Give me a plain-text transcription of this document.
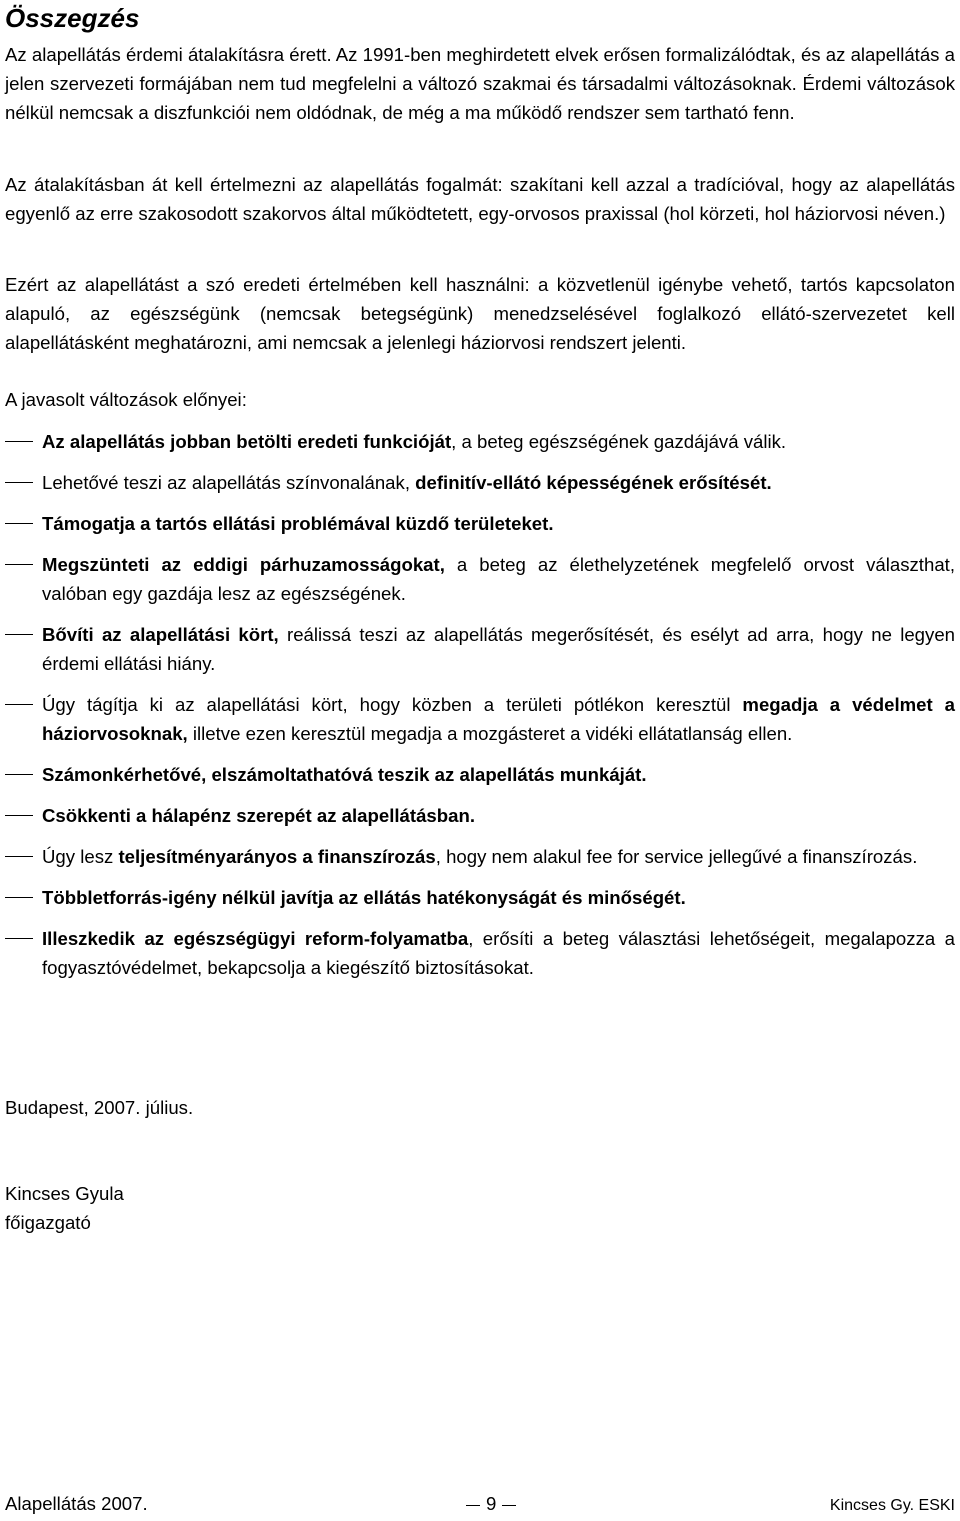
Összegzés
Az alapellátás érdemi átalakításra érett. Az 1991-ben meghirdetett elvek erősen formalizálódtak, és az alapellátás a jelen szervezeti formájában nem tud megfelelni a változó szakmai és társadalmi változásoknak. Érdemi változások nélkül nemcsak a diszfunkciói nem oldódnak, de még a ma működő rendszer sem tartható fenn.
Az átalakításban át kell értelmezni az alapellátás fogalmát: szakítani kell azzal a tradícióval, hogy az alapellátás egyenlő az erre szakosodott szakorvos által működtetett, egy-orvosos praxissal (hol körzeti, hol háziorvosi néven.)
Ezért az alapellátást a szó eredeti értelmében kell használni: a közvetlenül igénybe vehető, tartós kapcsolaton alapuló, az egészségünk (nemcsak betegségünk) menedzselésével foglalkozó ellátó-szervezetet kell alapellátásként meghatározni, ami nemcsak a jelenlegi háziorvosi rendszert jelenti.
A javasolt változások előnyei:
Az alapellátás jobban betölti eredeti funkcióját, a beteg egészségének gazdájává válik.
Lehetővé teszi az alapellátás színvonalának, definitív-ellátó képességének erősítését.
Támogatja a tartós ellátási problémával küzdő területeket.
Megszünteti az eddigi párhuzamosságokat, a beteg az élethelyzetének megfelelő orvost választhat, valóban egy gazdája lesz az egészségének.
Bővíti az alapellátási kört, reálissá teszi az alapellátás megerősítését, és esélyt ad arra, hogy ne legyen érdemi ellátási hiány.
Úgy tágítja ki az alapellátási kört, hogy közben a területi pótlékon keresztül megadja a védelmet a háziorvosoknak, illetve ezen keresztül megadja a mozgásteret a vidéki ellátatlanság ellen.
Számonkérhetővé, elszámoltathatóvá teszik az alapellátás munkáját.
Csökkenti a hálapénz szerepét az alapellátásban.
Úgy lesz teljesítményarányos a finanszírozás, hogy nem alakul fee for service jellegűvé a finanszírozás.
Többletforrás-igény nélkül javítja az ellátás hatékonyságát és minőségét.
Illeszkedik az egészségügyi reform-folyamatba, erősíti a beteg választási lehetőségeit, megalapozza a fogyasztóvédelmet, bekapcsolja a kiegészítő biztosításokat.
Budapest, 2007. július.
Kincses Gyula
főigazgató
Alapellátás 2007.	9	Kincses Gy. ESKI
